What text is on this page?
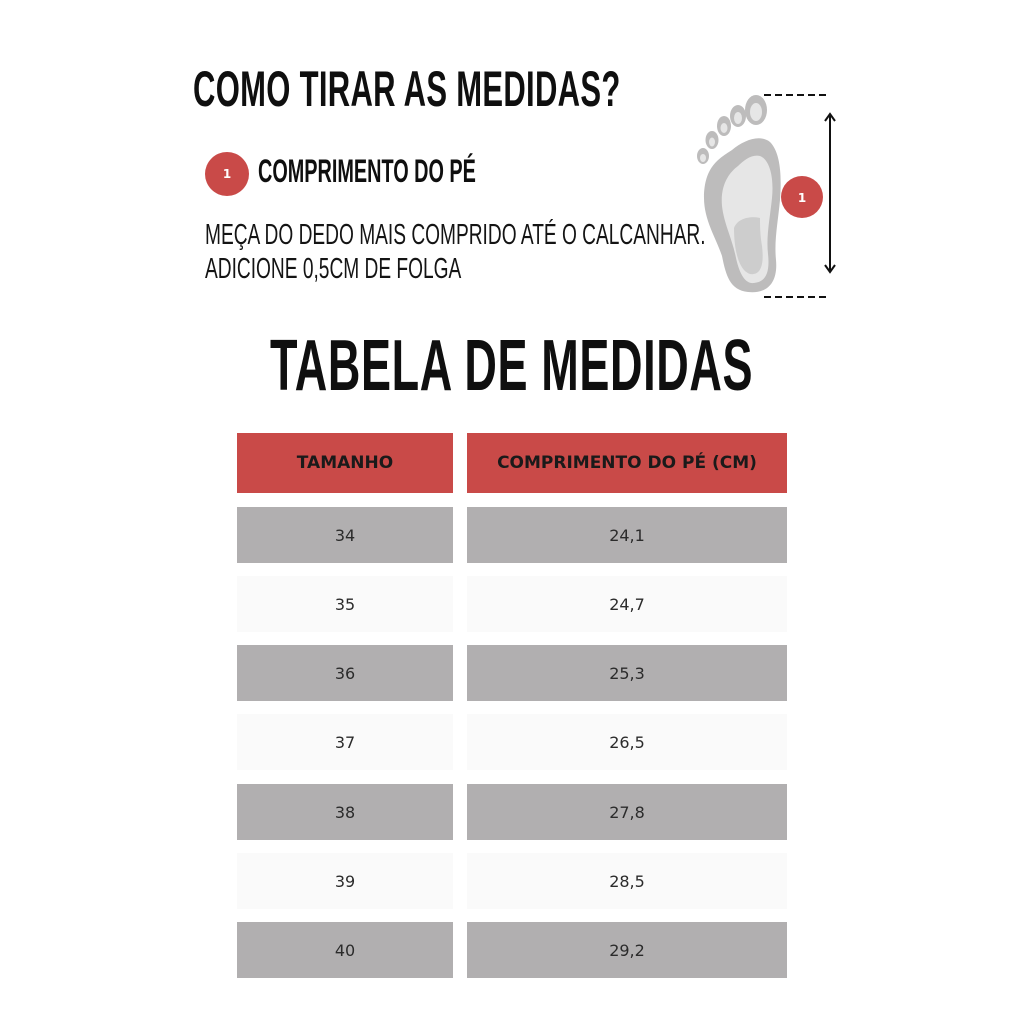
COMO TIRAR AS MEDIDAS?
1 COMPRIMENTO DO PÉ
MEÇA DO DEDO MAIS COMPRIDO ATÉ O CALCANHAR.
ADICIONE 0,5CM DE FOLGA
1
TABELA DE MEDIDAS
TAMANHO	COMPRIMENTO DO PÉ (CM)
34	24,1
35	24,7
36	25,3
37	26,5
38	27,8
39	28,5
40	29,2
